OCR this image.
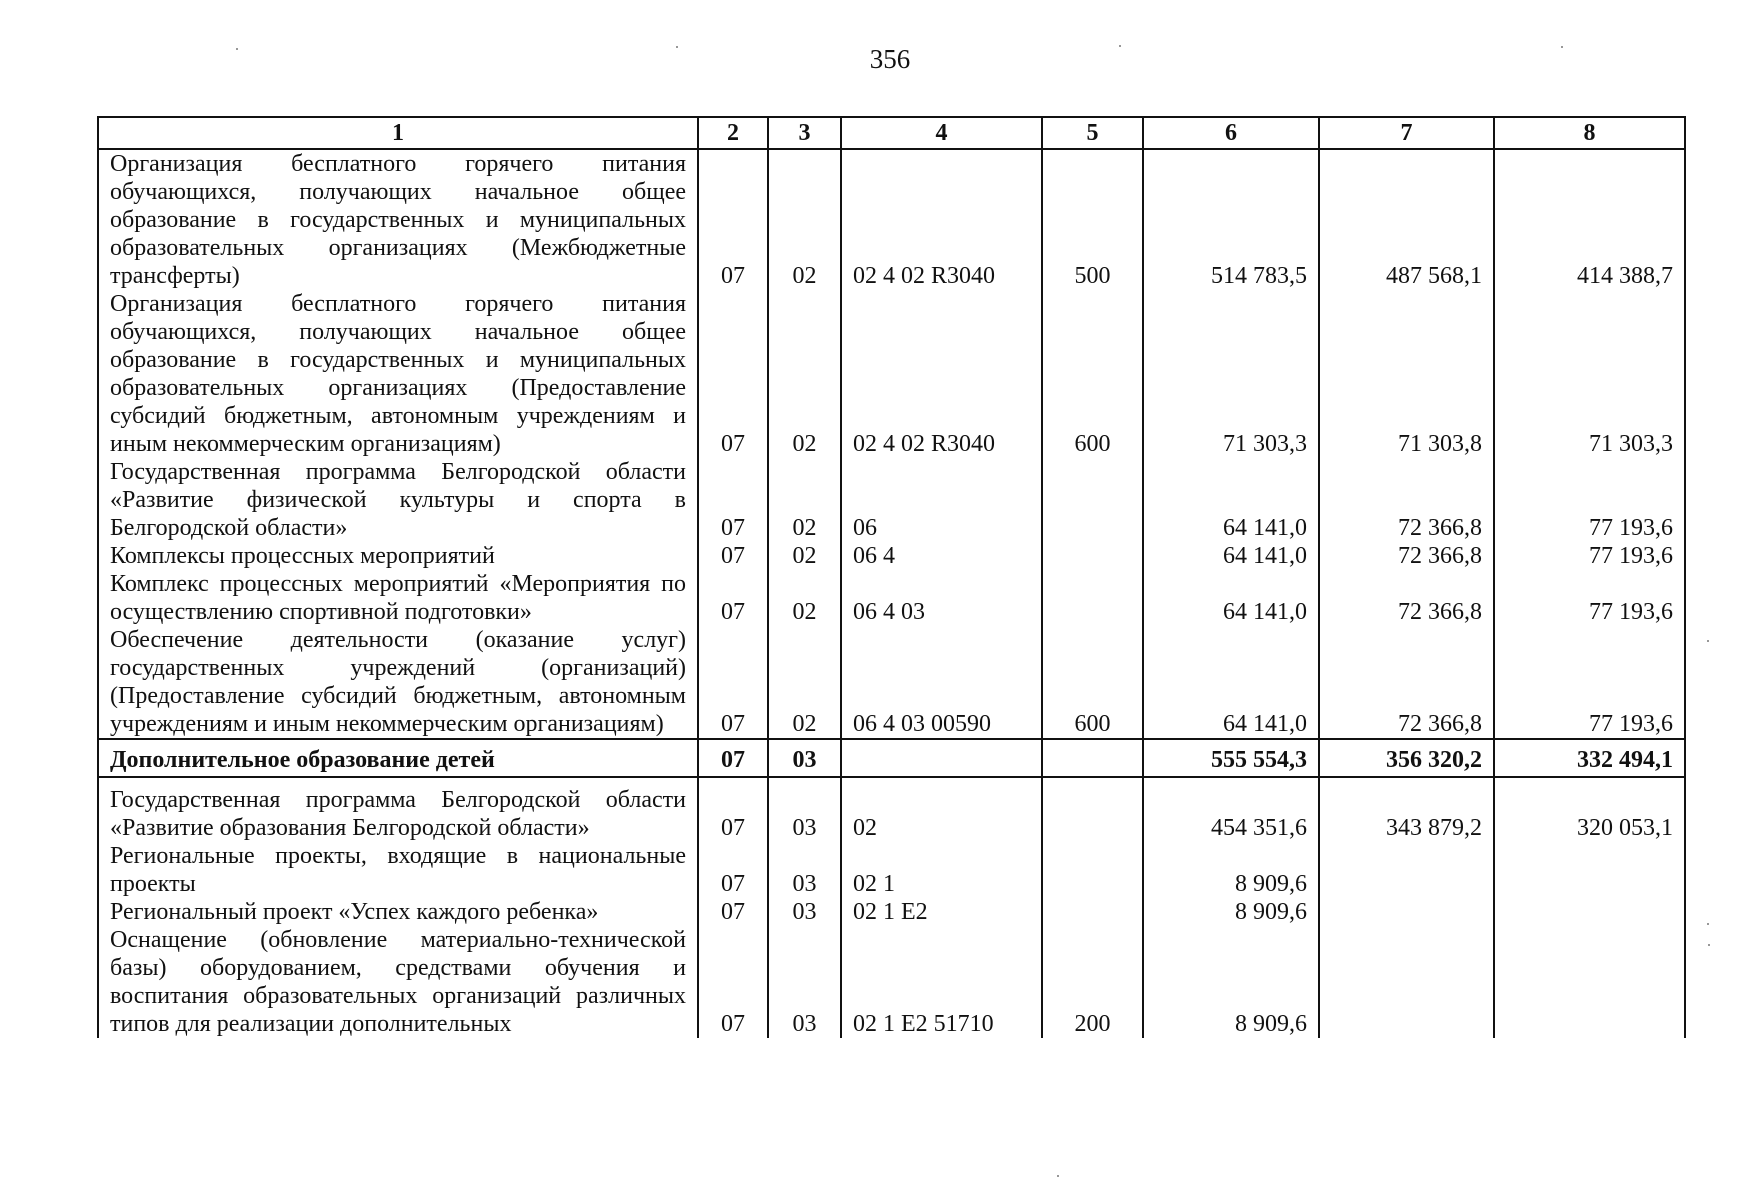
356
1	2	3	4	5	6	7	8
Организация бесплатного горячего питания обучающихся, получающих начальное общее образование в государственных и муниципальных образовательных организациях (Межбюджетные трансферты)	07	02	02 4 02 R3040	500	514 783,5	487 568,1	414 388,7
Организация бесплатного горячего питания обучающихся, получающих начальное общее образование в государственных и муниципальных образовательных организациях (Предоставление субсидий бюджетным, автономным учреждениям и иным некоммерческим организациям)	07	02	02 4 02 R3040	600	71 303,3	71 303,8	71 303,3
Государственная программа Белгородской области «Развитие физической культуры и спорта в Белгородской области»	07	02	06		64 141,0	72 366,8	77 193,6
Комплексы процессных мероприятий	07	02	06 4		64 141,0	72 366,8	77 193,6
Комплекс процессных мероприятий «Мероприятия по осуществлению спортивной подготовки»	07	02	06 4 03		64 141,0	72 366,8	77 193,6
Обеспечение деятельности (оказание услуг) государственных учреждений (организаций) (Предоставление субсидий бюджетным, автономным учреждениям и иным некоммерческим организациям)	07	02	06 4 03 00590	600	64 141,0	72 366,8	77 193,6
Дополнительное образование детей	07	03			555 554,3	356 320,2	332 494,1
Государственная программа Белгородской области «Развитие образования Белгородской области»	07	03	02		454 351,6	343 879,2	320 053,1
Региональные проекты, входящие в национальные проекты	07	03	02 1		8 909,6		
Региональный проект «Успех каждого ребенка»	07	03	02 1 E2		8 909,6		
Оснащение (обновление материально-технической базы) оборудованием, средствами обучения и воспитания образовательных организаций различных типов для реализации дополнительных	07	03	02 1 E2 51710	200	8 909,6		
